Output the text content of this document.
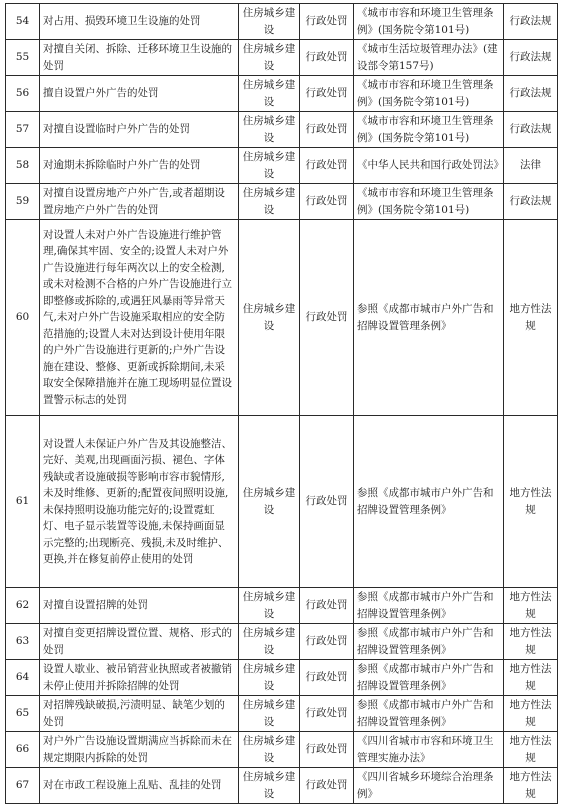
54	对占用、损毁环境卫生设施的处罚	住房城乡建设	行政处罚	《城市市容和环境卫生管理条例》(国务院令第101号)	行政法规
55	对擅自关闭、拆除、迁移环境卫生设施的处罚	住房城乡建设	行政处罚	《城市生活垃圾管理办法》(建设部令第157号)	行政法规
56	擅自设置户外广告的处罚	住房城乡建设	行政处罚	《城市市容和环境卫生管理条例》(国务院令第101号)	行政法规
57	对擅自设置临时户外广告的处罚	住房城乡建设	行政处罚	《城市市容和环境卫生管理条例》(国务院令第101号)	行政法规
58	对逾期未拆除临时户外广告的处罚	住房城乡建设	行政处罚	《中华人民共和国行政处罚法》	法律
59	对擅自设置房地产户外广告,或者超期设置房地产户外广告的处罚	住房城乡建设	行政处罚	《城市市容和环境卫生管理条例》(国务院令第101号)	行政法规
60	对设置人未对户外广告设施进行维护管理,确保其牢固、安全的;设置人未对户外广告设施进行每年两次以上的安全检测,或未对检测不合格的户外广告设施进行立即整修或拆除的,或遇狂风暴雨等异常天气,未对户外广告设施采取相应的安全防范措施的;设置人未对达到设计使用年限的户外广告设施进行更新的;户外广告设施在建设、整修、更新或拆除期间,未采取安全保障措施并在施工现场明显位置设置警示标志的处罚	住房城乡建设	行政处罚	参照《成都市城市户外广告和招牌设置管理条例》	地方性法规
61	对设置人未保证户外广告及其设施整洁、完好、美观,出现画面污损、褪色、字体残缺或者设施破损等影响市容市貌情形,未及时维修、更新的;配置夜间照明设施,未保持照明设施功能完好的;设置霓虹灯、电子显示装置等设施,未保持画面显示完整的;出现断亮、残损,未及时维护、更换,并在修复前停止使用的处罚	住房城乡建设	行政处罚	参照《成都市城市户外广告和招牌设置管理条例》	地方性法规
62	对擅自设置招牌的处罚	住房城乡建设	行政处罚	参照《成都市城市户外广告和招牌设置管理条例》	地方性法规
63	对擅自变更招牌设置位置、规格、形式的处罚	住房城乡建设	行政处罚	参照《成都市城市户外广告和招牌设置管理条例》	地方性法规
64	设置人歇业、被吊销营业执照或者被撤销未停止使用并拆除招牌的处罚	住房城乡建设	行政处罚	参照《成都市城市户外广告和招牌设置管理条例》	地方性法规
65	对招牌残缺破损,污渍明显、缺笔少划的处罚	住房城乡建设	行政处罚	参照《成都市城市户外广告和招牌设置管理条例》	地方性法规
66	对户外广告设施设置期满应当拆除而未在规定期限内拆除的处罚	住房城乡建设	行政处罚	《四川省城市市容和环境卫生管理实施办法》	地方性法规
67	对在市政工程设施上乱贴、乱挂的处罚	住房城乡建设	行政处罚	《四川省城乡环境综合治理条例》	地方性法规
